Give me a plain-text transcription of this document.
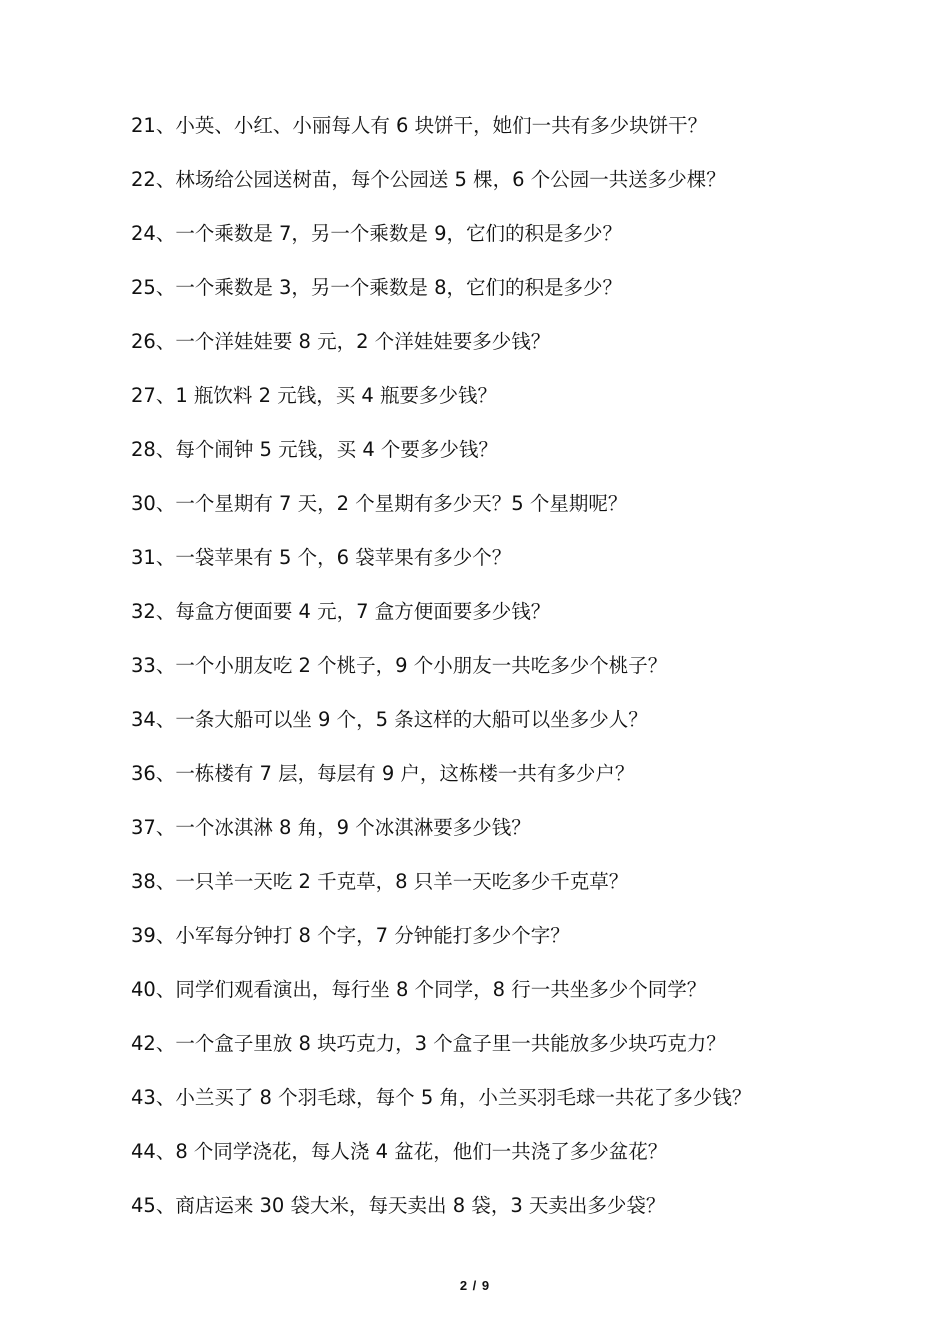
21、小英、小红、小丽每人有 6 块饼干，她们一共有多少块饼干？
22、林场给公园送树苗，每个公园送 5 棵，6 个公园一共送多少棵？
24、一个乘数是 7，另一个乘数是 9，它们的积是多少？
25、一个乘数是 3，另一个乘数是 8，它们的积是多少？
26、一个洋娃娃要 8 元，2 个洋娃娃要多少钱？
27、1 瓶饮料 2 元钱，买 4 瓶要多少钱？
28、每个闹钟 5 元钱，买 4 个要多少钱？
30、一个星期有 7 天，2 个星期有多少天？5 个星期呢？
31、一袋苹果有 5 个，6 袋苹果有多少个？
32、每盒方便面要 4 元，7 盒方便面要多少钱？
33、一个小朋友吃 2 个桃子，9 个小朋友一共吃多少个桃子？
34、一条大船可以坐 9 个，5 条这样的大船可以坐多少人？
36、一栋楼有 7 层，每层有 9 户，这栋楼一共有多少户？
37、一个冰淇淋 8 角，9 个冰淇淋要多少钱？
38、一只羊一天吃 2 千克草，8 只羊一天吃多少千克草？
39、小军每分钟打 8 个字，7 分钟能打多少个字？
40、同学们观看演出，每行坐 8 个同学，8 行一共坐多少个同学？
42、一个盒子里放 8 块巧克力，3 个盒子里一共能放多少块巧克力？
43、小兰买了 8 个羽毛球，每个 5 角，小兰买羽毛球一共花了多少钱？
44、8 个同学浇花，每人浇 4 盆花，他们一共浇了多少盆花？
45、商店运来 30 袋大米，每天卖出 8 袋，3 天卖出多少袋？
2 / 9
